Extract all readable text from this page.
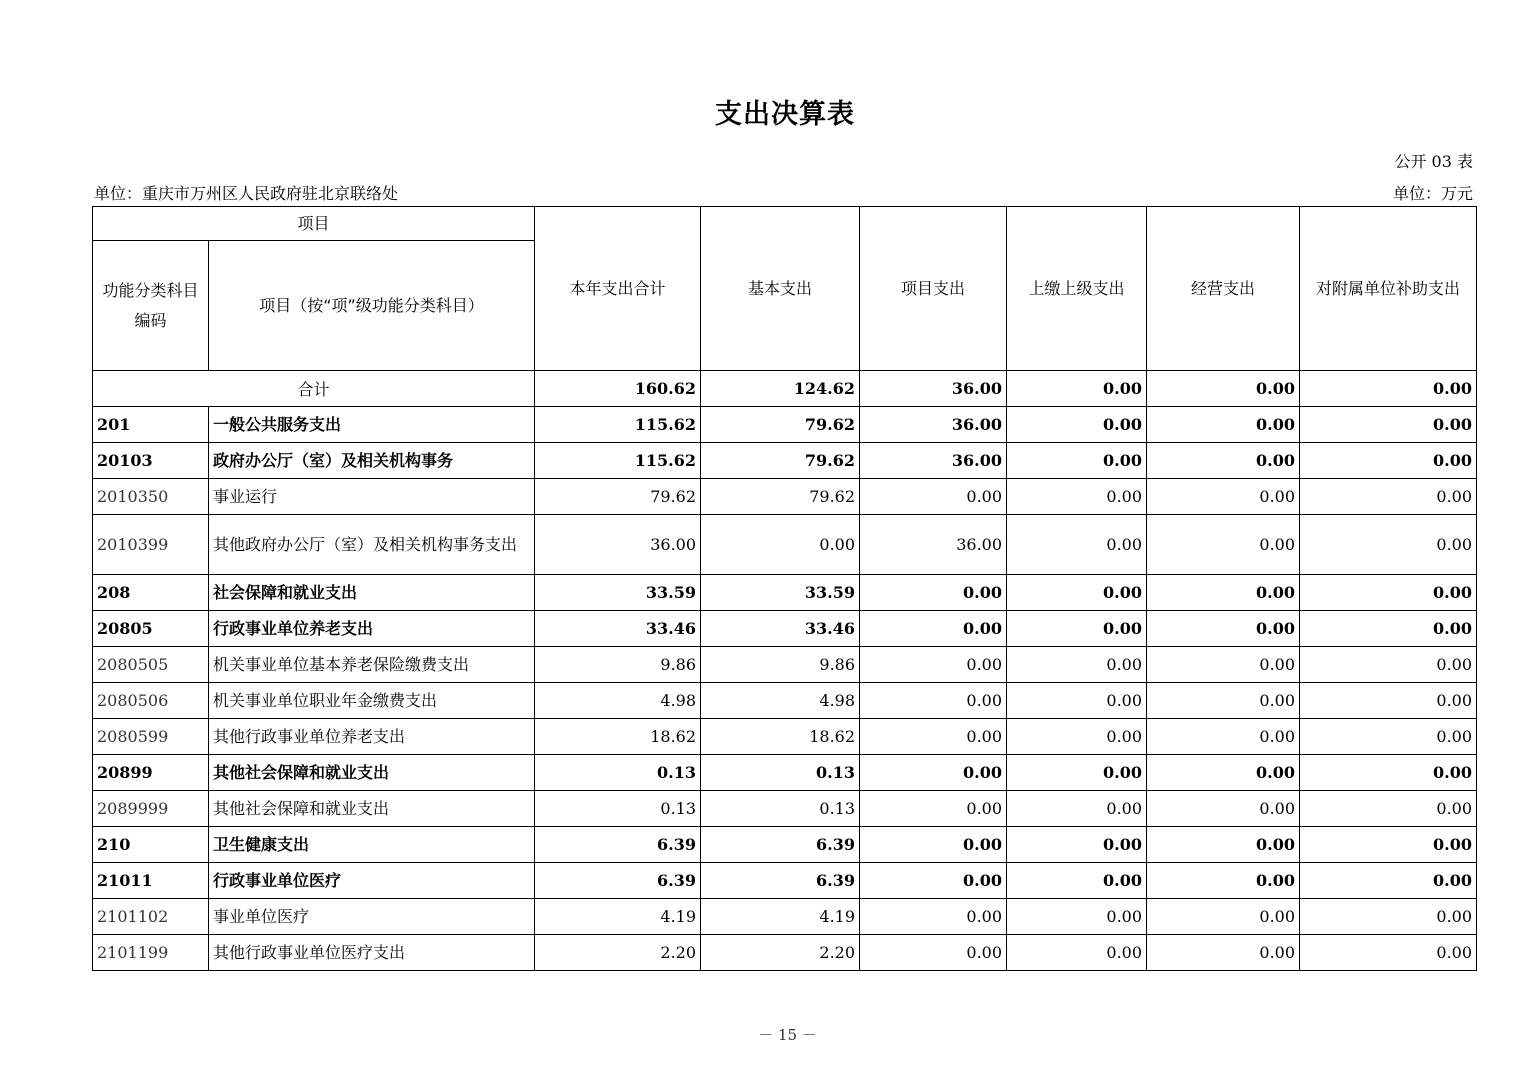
支出决算表
公开 03 表
单位：重庆市万州区人民政府驻北京联络处	单位：万元
项目		本年支出合计	基本支出	项目支出	上缴上级支出	经营支出	对附属单位补助支出
功能分类科目编码	项目（按“项”级功能分类科目）						
合计		160.62	124.62	36.00	0.00	0.00	0.00
201	一般公共服务支出	115.62	79.62	36.00	0.00	0.00	0.00
20103	政府办公厅（室）及相关机构事务	115.62	79.62	36.00	0.00	0.00	0.00
2010350	事业运行	79.62	79.62	0.00	0.00	0.00	0.00
2010399	其他政府办公厅（室）及相关机构事务支出	36.00	0.00	36.00	0.00	0.00	0.00
208	社会保障和就业支出	33.59	33.59	0.00	0.00	0.00	0.00
20805	行政事业单位养老支出	33.46	33.46	0.00	0.00	0.00	0.00
2080505	机关事业单位基本养老保险缴费支出	9.86	9.86	0.00	0.00	0.00	0.00
2080506	机关事业单位职业年金缴费支出	4.98	4.98	0.00	0.00	0.00	0.00
2080599	其他行政事业单位养老支出	18.62	18.62	0.00	0.00	0.00	0.00
20899	其他社会保障和就业支出	0.13	0.13	0.00	0.00	0.00	0.00
2089999	其他社会保障和就业支出	0.13	0.13	0.00	0.00	0.00	0.00
210	卫生健康支出	6.39	6.39	0.00	0.00	0.00	0.00
21011	行政事业单位医疗	6.39	6.39	0.00	0.00	0.00	0.00
2101102	事业单位医疗	4.19	4.19	0.00	0.00	0.00	0.00
2101199	其他行政事业单位医疗支出	2.20	2.20	0.00	0.00	0.00	0.00
－ 15 －
